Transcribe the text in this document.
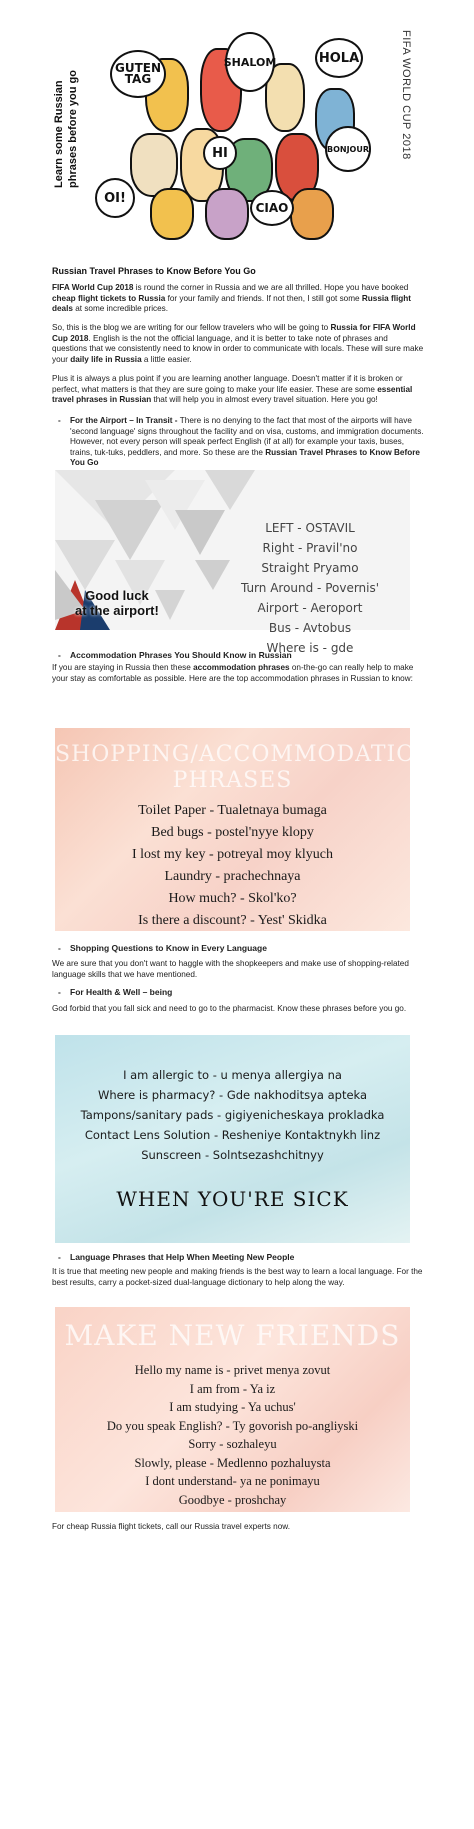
Learn some Russian phrases before you go
GUTEN TAG
SHALOM	HOLA
HI
OI!
CIAO
BONJOUR	FIFA WORLD CUP 2018
Russian Travel Phrases to Know Before You Go

FIFA World Cup 2018 is round the corner in Russia and we are all thrilled. Hope you have booked cheap flight tickets to Russia for your family and friends. If not then, I still got some Russia flight deals at some incredible prices.

So, this is the blog we are writing for our fellow travelers who will be going to Russia for FIFA World Cup 2018. English is the not the official language, and it is better to take note of phrases and questions that we consistently need to know in order to communicate with locals. These will sure make your daily life in Russia a little easier.

Plus it is always a plus point if you are learning another language. Doesn't matter if it is broken or perfect, what matters is that they are sure going to make your life easier. These are some essential travel phrases in Russian that will help you in almost every travel situation. Here you go!

- For the Airport – In Transit - There is no denying to the fact that most of the airports will have 'second language' signs throughout the facility and on visa, customs, and immigration documents. However, not every person will speak perfect English (if at all) for example your taxis, buses, trains, tuk-tuks, peddlers, and more. So these are the Russian Travel Phrases to Know Before You Go
LEFT - OSTAVIL
Right - Pravil'no
Straight Pryamo
Turn Around - Povernis'
Airport - Aeroport
Bus - Avtobus
Where is - gde
Good luck
at the airport!
- Accommodation Phrases You Should Know in Russian

If you are staying in Russia then these accommodation phrases on-the-go can really help to make your stay as comfortable as possible. Here are the top accommodation phrases in Russian to know:

SHOPPING/ACCOMMODATION
PHRASES
Toilet Paper - Tualetnaya bumaga
Bed bugs - postel'nyye klopy
I lost my key - potreyal moy klyuch
Laundry - prachechnaya
How much? - Skol'ko?
Is there a discount? - Yest' Skidka
- Shopping Questions to Know in Every Language

We are sure that you don't want to haggle with the shopkeepers and make use of shopping-related language skills that we have mentioned.

- For Health & Well – being

God forbid that you fall sick and need to go to the pharmacist. Know these phrases before you go.

I am allergic to - u menya allergiya na
Where is pharmacy? - Gde nakhoditsya apteka
Tampons/sanitary pads - gigiyenicheskaya prokladka
Contact Lens Solution - Resheniye Kontaktnykh linz
Sunscreen - Solntsezashchitnyy
WHEN YOU'RE SICK
- Language Phrases that Help When Meeting New People

It is true that meeting new people and making friends is the best way to learn a local language. For the best results, carry a pocket-sized dual-language dictionary to help along the way.

MAKE NEW FRIENDS
Hello my name is - privet menya zovut
I am from - Ya iz
I am studying - Ya uchus'
Do you speak English? - Ty govorish po-angliyski
Sorry - sozhaleyu
Slowly, please - Medlenno pozhaluysta
I dont understand- ya ne ponimayu
Goodbye - proshchay

For cheap Russia flight tickets, call our Russia travel experts now.
